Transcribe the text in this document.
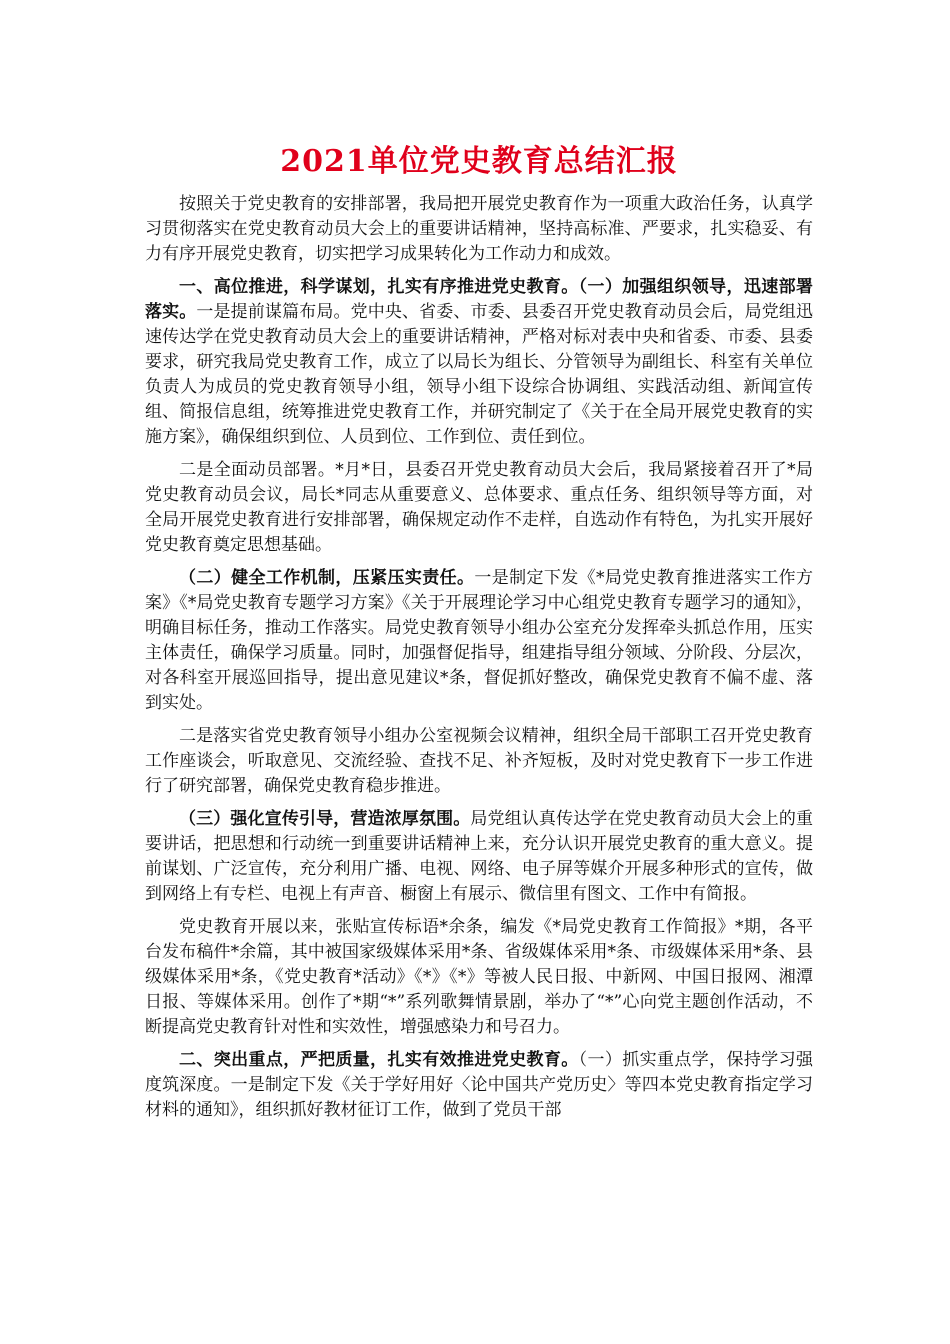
2021单位党史教育总结汇报

按照关于党史教育的安排部署，我局把开展党史教育作为一项重大政治任务，认真学习贯彻落实在党史教育动员大会上的重要讲话精神，坚持高标准、严要求，扎实稳妥、有力有序开展党史教育，切实把学习成果转化为工作动力和成效。

一、高位推进，科学谋划，扎实有序推进党史教育。（一）加强组织领导，迅速部署落实。一是提前谋篇布局。党中央、省委、市委、县委召开党史教育动员会后，局党组迅速传达学在党史教育动员大会上的重要讲话精神，严格对标对表中央和省委、市委、县委要求，研究我局党史教育工作，成立了以局长为组长、分管领导为副组长、科室有关单位负责人为成员的党史教育领导小组，领导小组下设综合协调组、实践活动组、新闻宣传组、简报信息组，统筹推进党史教育工作，并研究制定了《关于在全局开展党史教育的实施方案》，确保组织到位、人员到位、工作到位、责任到位。

二是全面动员部署。*月*日，县委召开党史教育动员大会后，我局紧接着召开了*局党史教育动员会议，局长*同志从重要意义、总体要求、重点任务、组织领导等方面，对全局开展党史教育进行安排部署，确保规定动作不走样，自选动作有特色，为扎实开展好党史教育奠定思想基础。

（二）健全工作机制，压紧压实责任。一是制定下发《*局党史教育推进落实工作方案》《*局党史教育专题学习方案》《关于开展理论学习中心组党史教育专题学习的通知》，明确目标任务，推动工作落实。局党史教育领导小组办公室充分发挥牵头抓总作用，压实主体责任，确保学习质量。同时，加强督促指导，组建指导组分领域、分阶段、分层次，对各科室开展巡回指导，提出意见建议*条，督促抓好整改，确保党史教育不偏不虚、落到实处。

二是落实省党史教育领导小组办公室视频会议精神，组织全局干部职工召开党史教育工作座谈会，听取意见、交流经验、查找不足、补齐短板，及时对党史教育下一步工作进行了研究部署，确保党史教育稳步推进。

（三）强化宣传引导，营造浓厚氛围。局党组认真传达学在党史教育动员大会上的重要讲话，把思想和行动统一到重要讲话精神上来，充分认识开展党史教育的重大意义。提前谋划、广泛宣传，充分利用广播、电视、网络、电子屏等媒介开展多种形式的宣传，做到网络上有专栏、电视上有声音、橱窗上有展示、微信里有图文、工作中有简报。

党史教育开展以来，张贴宣传标语*余条，编发《*局党史教育工作简报》*期，各平台发布稿件*余篇，其中被国家级媒体采用*条、省级媒体采用*条、市级媒体采用*条、县级媒体采用*条，《党史教育*活动》《*》《*》等被人民日报、中新网、中国日报网、湘潭日报、等媒体采用。创作了*期“*”系列歌舞情景剧，举办了“*”心向党主题创作活动，不断提高党史教育针对性和实效性，增强感染力和号召力。

二、突出重点，严把质量，扎实有效推进党史教育。（一）抓实重点学，保持学习强度筑深度。一是制定下发《关于学好用好〈论中国共产党历史〉等四本党史教育指定学习材料的通知》，组织抓好教材征订工作，做到了党员干部
